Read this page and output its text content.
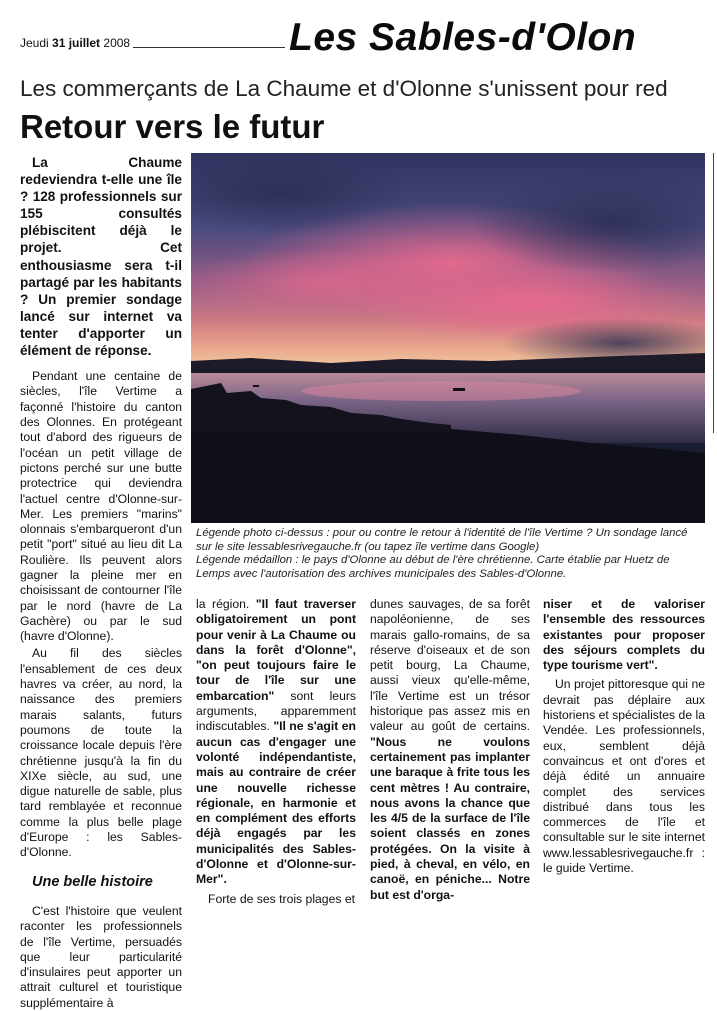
Jeudi 31 juillet 2008	Les Sables-d'Olon
Les commerçants de La Chaume et d'Olonne s'unissent pour red
Retour vers le futur
La Chaume redeviendra t-elle une île ? 128 professionnels sur 155 consultés plébiscitent déjà le projet. Cet enthousiasme sera t-il partagé par les habitants ? Un premier sondage lancé sur internet va tenter d'apporter un élément de réponse.

Pendant une centaine de siècles, l'île Vertime a façonné l'histoire du canton des Olonnes. En protégeant tout d'abord des rigueurs de l'océan un petit village de pictons perché sur une butte protectrice qui deviendra l'actuel centre d'Olonne-sur-Mer. Les premiers "marins" olonnais s'embarqueront d'un petit "port" situé au lieu dit La Roulière. Ils peuvent alors gagner la pleine mer en choisissant de contourner l'île par le nord (havre de La Gachère) ou par le sud (havre d'Olonne).

Au fil des siècles l'ensablement de ces deux havres va créer, au nord, la naissance des premiers marais salants, futurs poumons de toute la croissance locale depuis l'ère chrétienne jusqu'à la fin du XIXe siècle, au sud, une digue naturelle de sable, plus tard remblayée et reconnue comme la plus belle plage d'Europe : les Sables-d'Olonne.

Une belle histoire

C'est l'histoire que veulent raconter les professionnels de l'île Vertime, persuadés que leur particularité d'insulaires peut apporter un attrait culturel et touristique supplémentaire à

Légende photo ci-dessus : pour ou contre le retour à l'identité de l'île Vertime ? Un sondage lancé sur le site lessablesrivegauche.fr (ou tapez île vertime dans Google)
Légende médaillon : le pays d'Olonne au début de l'ère chrétienne. Carte établie par Huetz de Lemps avec l'autorisation des archives municipales des Sables-d'Olonne.

la région. "Il faut traverser obligatoirement un pont pour venir à La Chaume ou dans la forêt d'Olonne", "on peut toujours faire le tour de l'île sur une embarcation" sont leurs arguments, apparemment indiscutables. "Il ne s'agit en aucun cas d'engager une volonté indépendantiste, mais au contraire de créer une nouvelle richesse régionale, en harmonie et en complément des efforts déjà engagés par les municipalités des Sables-d'Olonne et d'Olonne-sur-Mer".

Forte de ses trois plages et

dunes sauvages, de sa forêt napoléonienne, de ses marais gallo-romains, de sa réserve d'oiseaux et de son petit bourg, La Chaume, aussi vieux qu'elle-même, l'île Vertime est un trésor historique pas assez mis en valeur au goût de certains. "Nous ne voulons certainement pas implanter une baraque à frite tous les cent mètres ! Au contraire, nous avons la chance que les 4/5 de la surface de l'île soient classés en zones protégées. On la visite à pied, à cheval, en vélo, en canoë, en péniche... Notre but est d'orga-

niser et de valoriser l'ensemble des ressources existantes pour proposer des séjours complets du type tourisme vert".

Un projet pittoresque qui ne devrait pas déplaire aux historiens et spécialistes de la Vendée. Les professionnels, eux, semblent déjà convaincus et ont d'ores et déjà édité un annuaire complet des services distribué dans tous les commerces de l'île et consultable sur le site internet www.lessablesrivegauche.fr : le guide Vertime.
